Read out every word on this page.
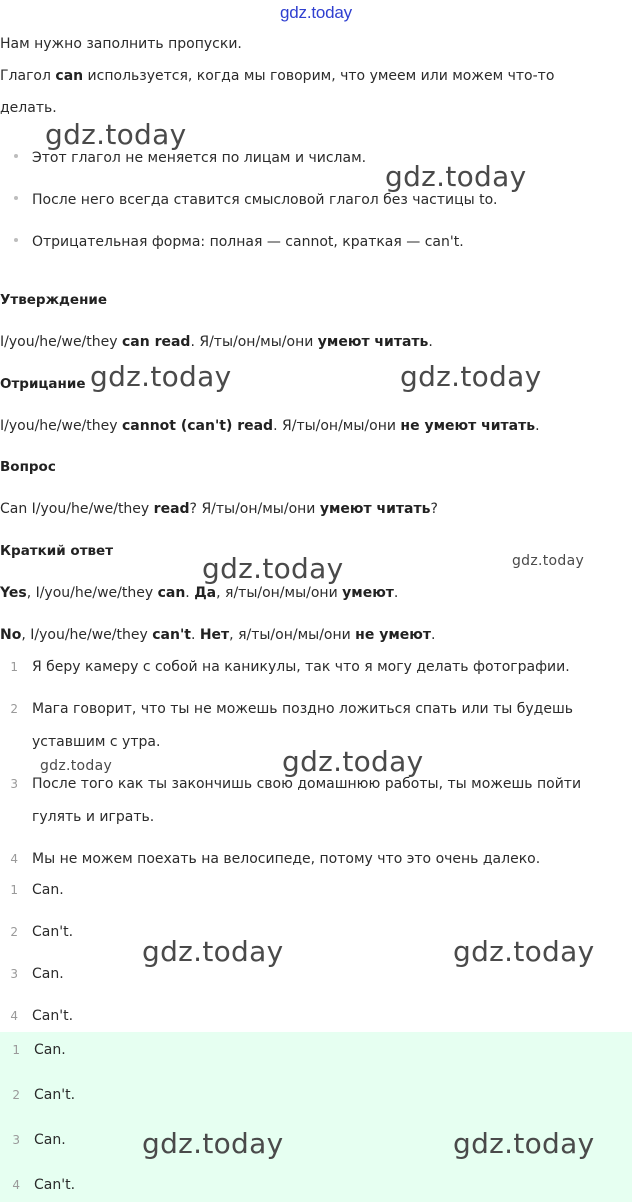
gdz.today
Нам нужно заполнить пропуски.
Глагол can используется, когда мы говорим, что умеем или можем что-то
делать.
Этот глагол не меняется по лицам и числам.
После него всегда ставится смысловой глагол без частицы to.
Отрицательная форма: полная — cannot, краткая — can't.
Утверждение
I/you/he/we/they can read. Я/ты/он/мы/они умеют читать.
Отрицание
I/you/he/we/they cannot (can't) read. Я/ты/он/мы/они не умеют читать.
Вопрос
Can I/you/he/we/they read? Я/ты/он/мы/они умеют читать?
Краткий ответ
Yes, I/you/he/we/they can. Да, я/ты/он/мы/они умеют.
No, I/you/he/we/they can't. Нет, я/ты/он/мы/они не умеют.
1 Я беру камеру с собой на каникулы, так что я могу делать фотографии.
2 Мага говорит, что ты не можешь поздно ложиться спать или ты будешь
уставшим с утра.
3 После того как ты закончишь свою домашнюю работы, ты можешь пойти
гулять и играть.
4 Мы не можем поехать на велосипеде, потому что это очень далеко.
1 Can.
2 Can't.
3 Can.
4 Can't.
1 Can.
2 Can't.
3 Can.
4 Can't.
gdz.today
gdz.today
gdz.today	gdz.today
gdz.today	gdz.today
gdz.today
gdz.today
gdz.today	gdz.today
gdz.today	gdz.today
